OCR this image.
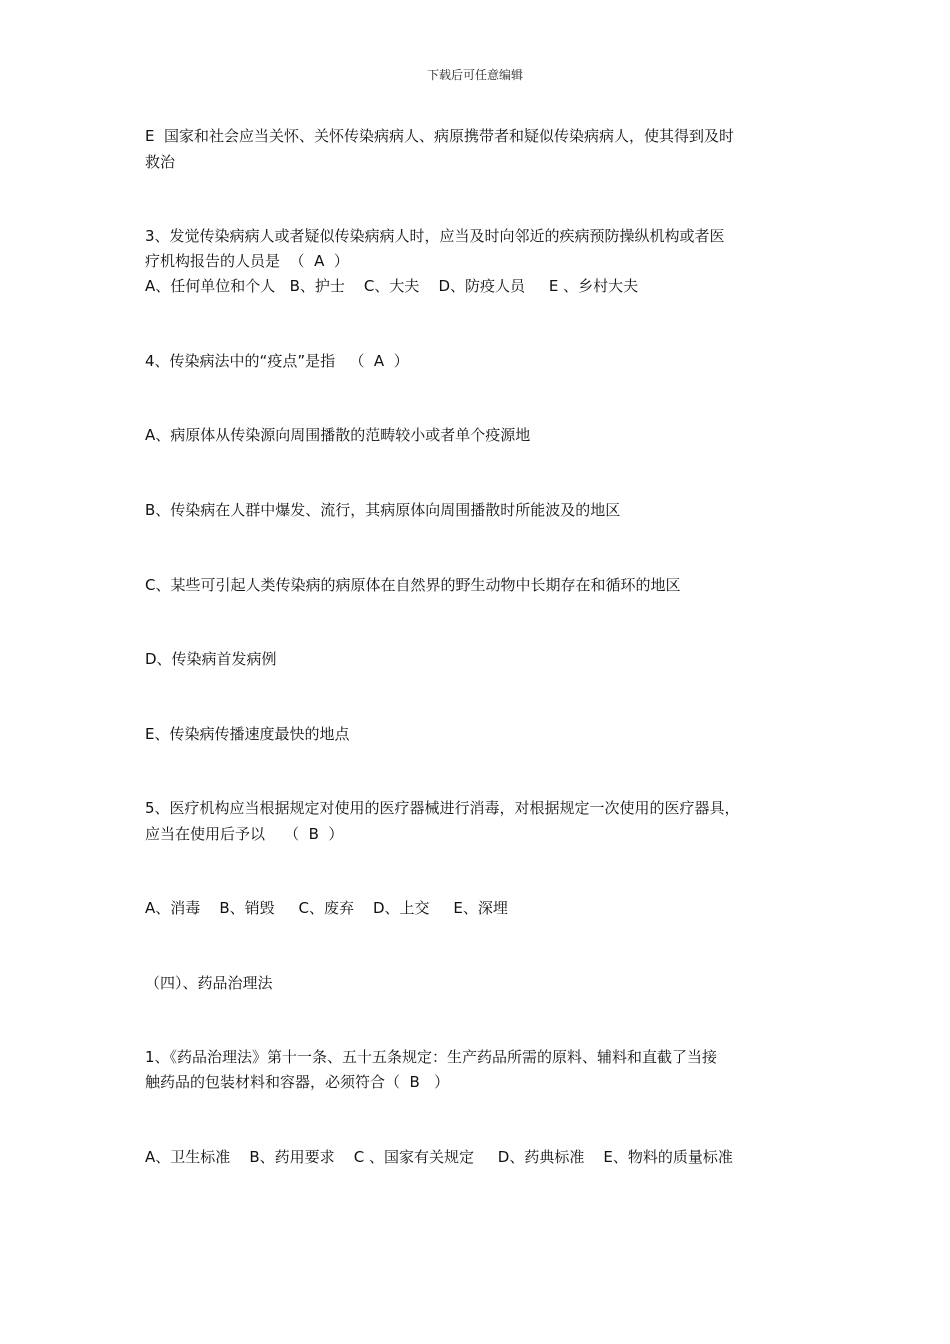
下载后可任意编辑
E  国家和社会应当关怀、关怀传染病病人、病原携带者和疑似传染病病人，使其得到及时
救治
3、发觉传染病病人或者疑似传染病病人时，应当及时向邻近的疾病预防操纵机构或者医
疗机构报告的人员是  （  A  ）
A、任何单位和个人   B、护士    C、大夫    D、防疫人员     E 、乡村大夫
4、传染病法中的“疫点”是指   （  A  ）
A、病原体从传染源向周围播散的范畴较小或者单个疫源地
B、传染病在人群中爆发、流行，其病原体向周围播散时所能波及的地区
C、某些可引起人类传染病的病原体在自然界的野生动物中长期存在和循环的地区
D、传染病首发病例
E、传染病传播速度最快的地点
5、医疗机构应当根据规定对使用的医疗器械进行消毒，对根据规定一次使用的医疗器具，
应当在使用后予以    （  B  ）
A、消毒    B、销毁     C、废弃    D、上交     E、深埋
（四）、药品治理法
1、《药品治理法》第十一条、五十五条规定：生产药品所需的原料、辅料和直截了当接
触药品的包装材料和容器，必须符合（  B   ）
A、卫生标准    B、药用要求    C 、国家有关规定     D、药典标准    E、物料的质量标准
